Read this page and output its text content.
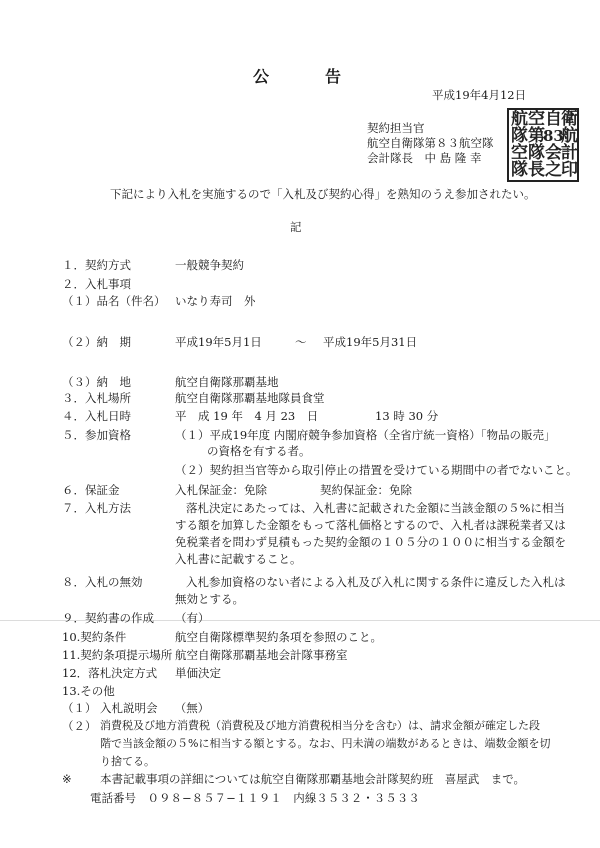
公　告
平成19年4月12日
契約担当官
航空自衛隊第８３航空隊
会計隊長　中 島 隆 幸
航 空 自 衛
隊 第
83
航
空 隊 会 計
隊 長 之 印
下記により入札を実施するので「入札及び契約心得」を熟知のうえ参加されたい。
記
１．契約方式	一般競争契約
２．入札事項
（１）品名（件名） いなり寿司　外
（２）納　期	平成19年5月1日	～ 平成19年5月31日
（３）納　地	航空自衛隊那覇基地
３．入札場所	航空自衛隊那覇基地隊員食堂
４．入札日時	平　成 19 年　4 月 23　日	13 時 30 分
５．参加資格	（１）平成19年度 内閣府競争参加資格（全省庁統一資格）「物品の販売」
の資格を有する者。
（２）契約担当官等から取引停止の措置を受けている期間中の者でないこと。
６．保証金	入札保証金：免除	契約保証金：免除
７．入札方法	落札決定にあたっては、入札書に記載された金額に当該金額の５%に相当
する額を加算した金額をもって落札価格とするので、入札者は課税業者又は
免税業者を問わず見積もった契約金額の１０５分の１００に相当する金額を
入札書に記載すること。
８．入札の無効	入札参加資格のない者による入札及び入札に関する条件に違反した入札は
無効とする。
９．契約書の作成 （有）
10.契約条件	航空自衛隊標準契約条項を参照のこと。
11.契約条項提示場所 航空自衛隊那覇基地会計隊事務室
12．落札決定方式 単価決定
13.その他
（１） 入札説明会　　（無）
（２） 消費税及び地方消費税（消費税及び地方消費税相当分を含む）は、請求金額が確定した段
階で当該金額の５%に相当する額とする。なお、円未満の端数があるときは、端数金額を切
り捨てる。
※ 本書記載事項の詳細については航空自衛隊那覇基地会計隊契約班　喜屋武　まで。
電話番号　０９８−８５７−１１９１　内線３５３２・３５３３
